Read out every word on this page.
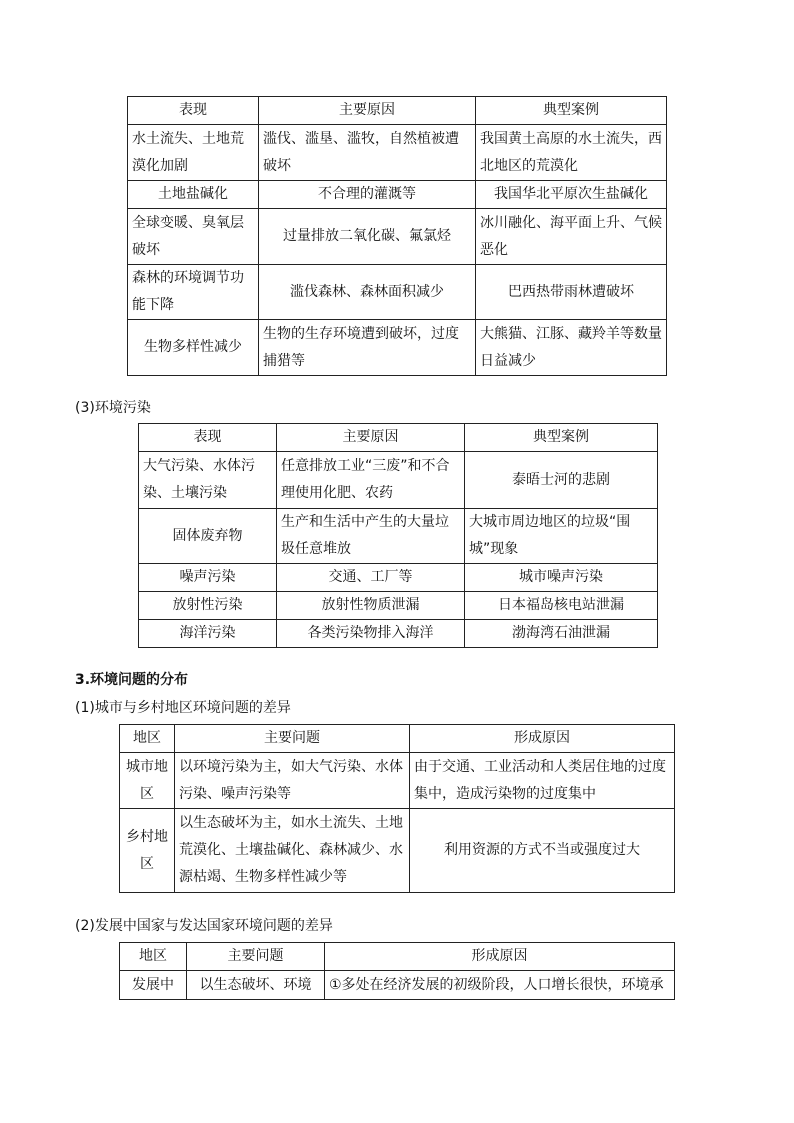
表现	主要原因	典型案例
水土流失、土地荒漠化加剧	滥伐、滥垦、滥牧，自然植被遭破坏	我国黄土高原的水土流失，西北地区的荒漠化
土地盐碱化	不合理的灌溉等	我国华北平原次生盐碱化
全球变暖、臭氧层破坏	过量排放二氧化碳、氟氯烃	冰川融化、海平面上升、气候恶化
森林的环境调节功能下降	滥伐森林、森林面积减少	巴西热带雨林遭破坏
生物多样性减少	生物的生存环境遭到破坏，过度捕猎等	大熊猫、江豚、藏羚羊等数量日益减少
(3)环境污染
表现	主要原因	典型案例
大气污染、水体污染、土壤污染	任意排放工业“三废”和不合理使用化肥、农药	泰晤士河的悲剧
固体废弃物	生产和生活中产生的大量垃圾任意堆放	大城市周边地区的垃圾“围城”现象
噪声污染	交通、工厂等	城市噪声污染
放射性污染	放射性物质泄漏	日本福岛核电站泄漏
海洋污染	各类污染物排入海洋	渤海湾石油泄漏
3.环境问题的分布
(1)城市与乡村地区环境问题的差异
地区	主要问题	形成原因
城市地区	以环境污染为主，如大气污染、水体污染、噪声污染等	由于交通、工业活动和人类居住地的过度集中，造成污染物的过度集中
乡村地区	以生态破坏为主，如水土流失、土地荒漠化、土壤盐碱化、森林减少、水源枯竭、生物多样性减少等	利用资源的方式不当或强度过大
(2)发展中国家与发达国家环境问题的差异
地区	主要问题	形成原因
发展中	以生态破坏、环境	①多处在经济发展的初级阶段，人口增长很快，环境承
